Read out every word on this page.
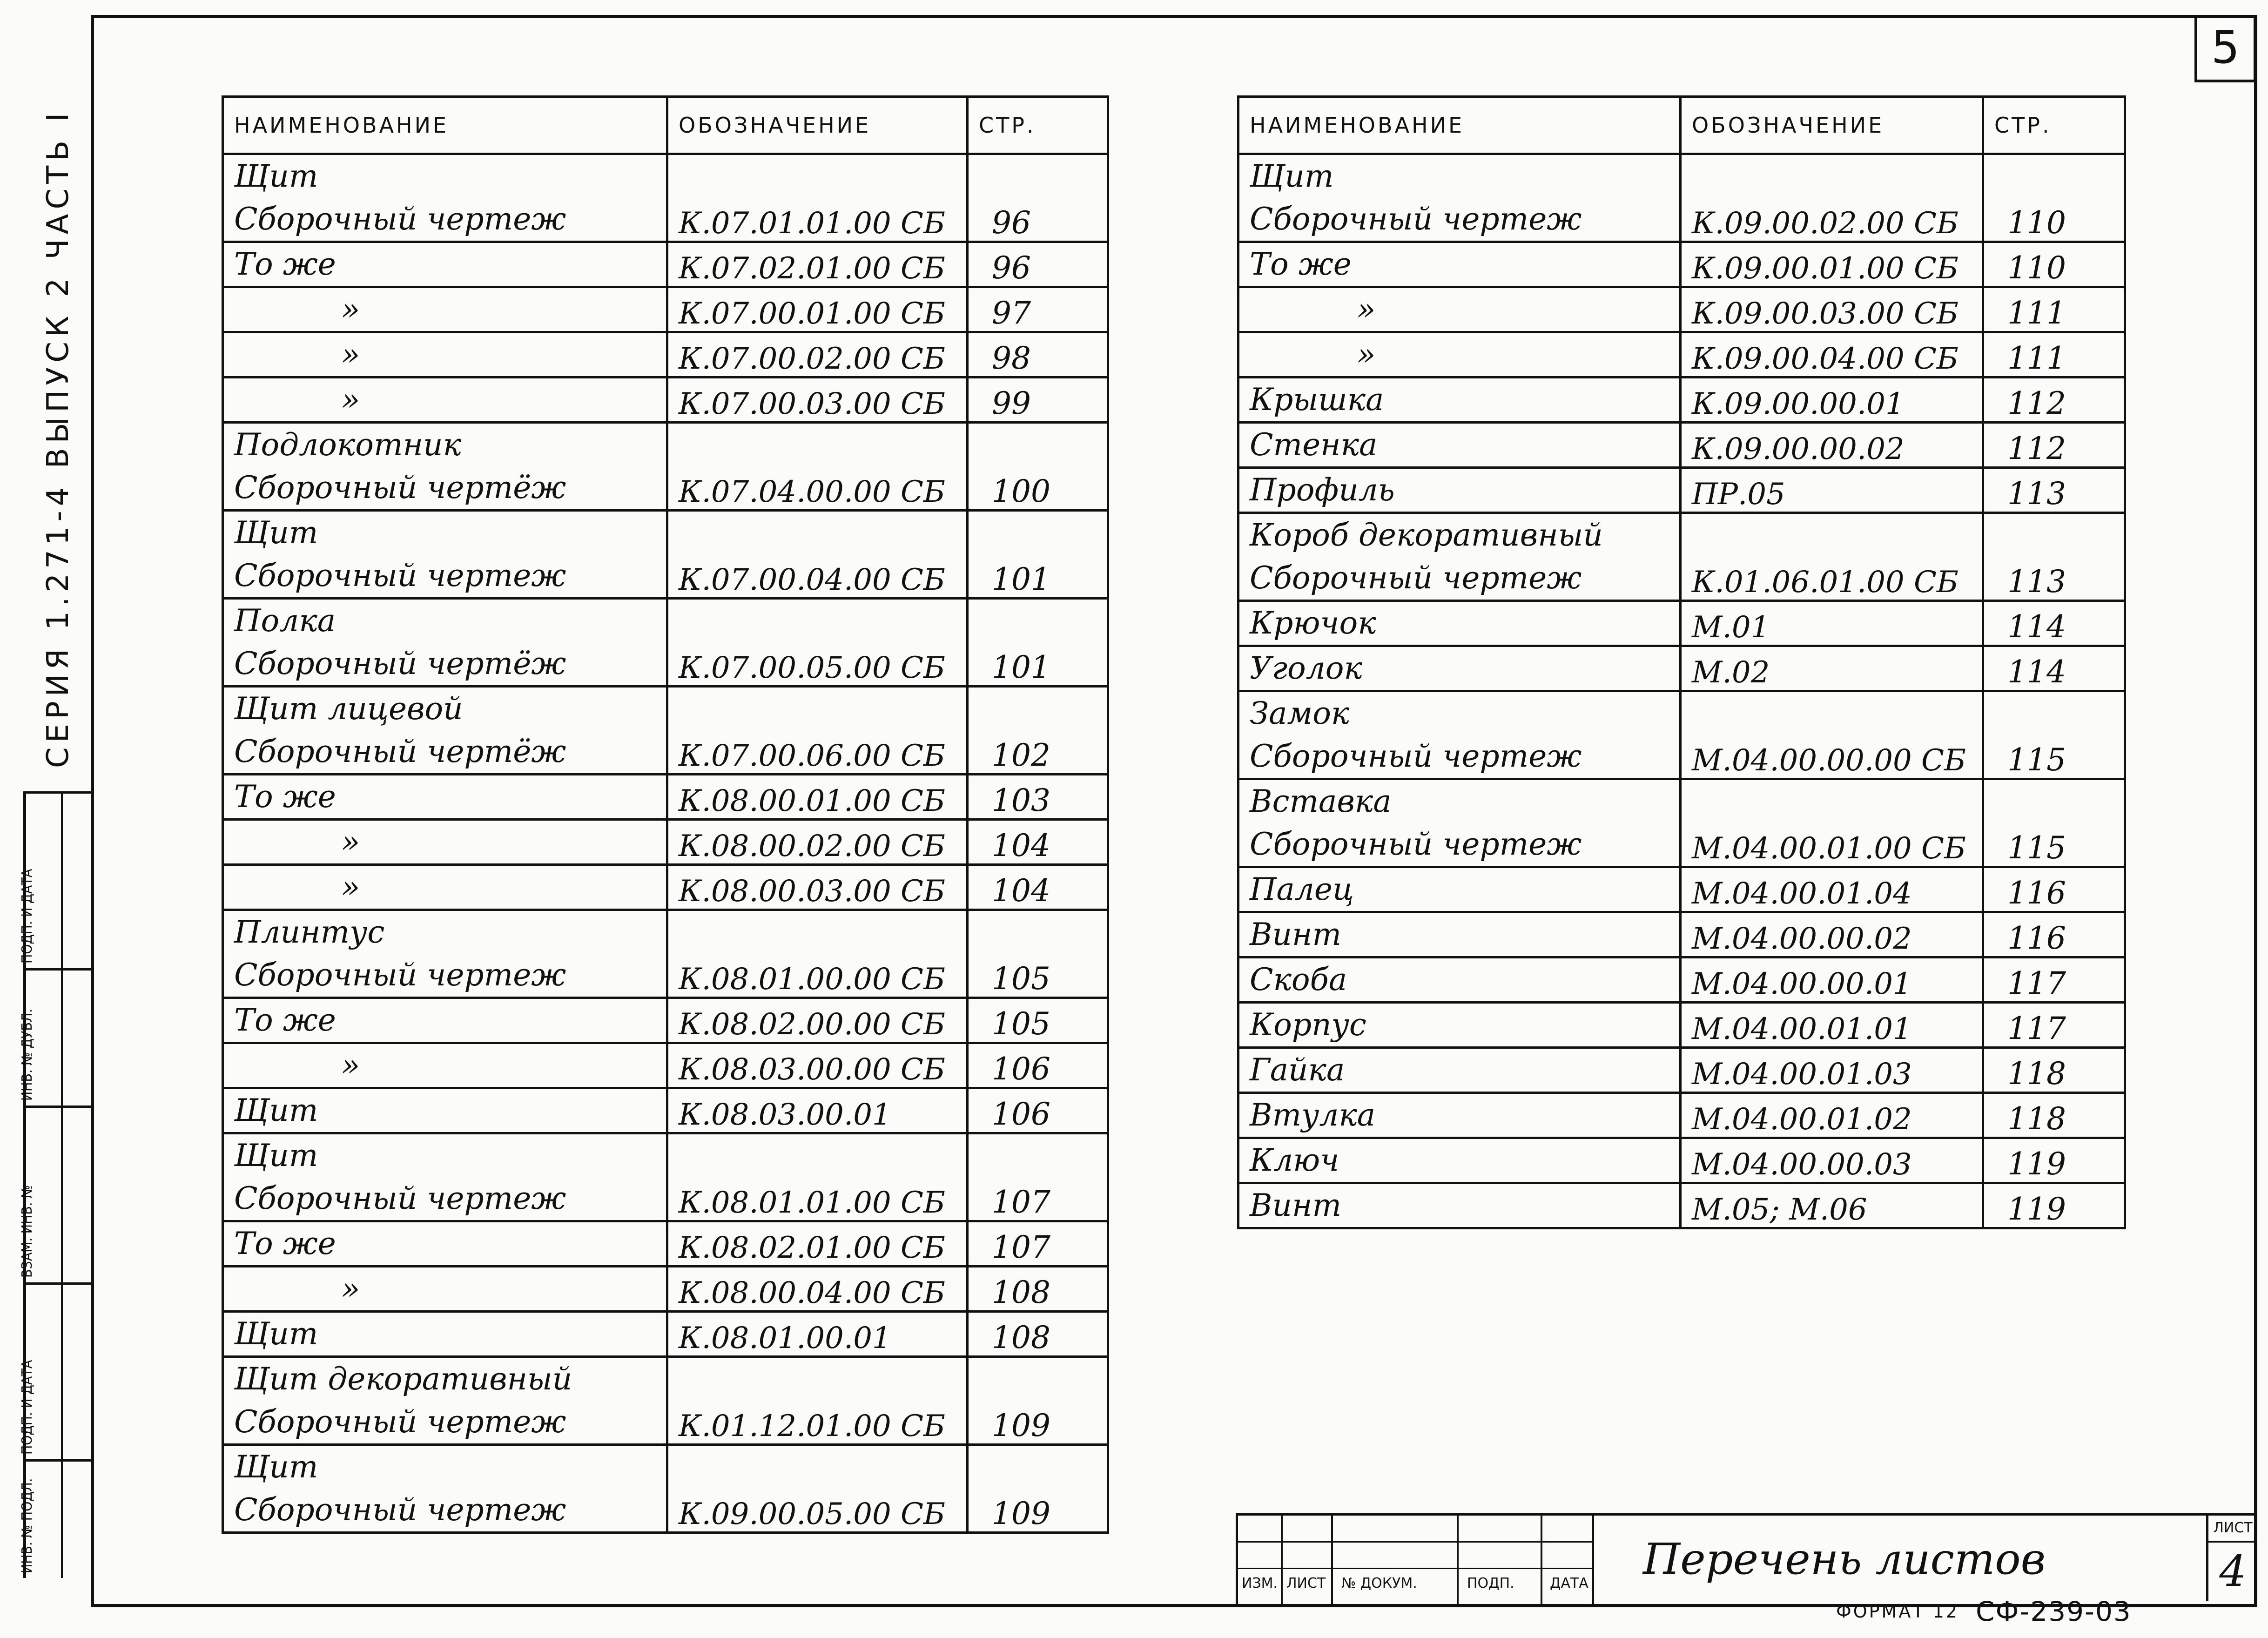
5
СЕРИЯ 1.271-4 ВЫПУСК 2 ЧАСТЬ I
ИНВ. № ПОДЛ.
ПОДП. И ДАТА
ВЗАМ. ИНВ. №
ИНВ. № ДУБЛ.
ПОДП. И ДАТА
НАИМЕНОВАНИЕ	ОБОЗНАЧЕНИЕ	СТР.

Щит
Сборочный чертеж	К.07.01.01.00 СБ	96

То же	К.07.02.01.00 СБ	96

»	К.07.00.01.00 СБ	97

»	К.07.00.02.00 СБ	98

»	К.07.00.03.00 СБ	99

Подлокотник
Сборочный чертёж	К.07.04.00.00 СБ	100

Щит
Сборочный чертеж	К.07.00.04.00 СБ	101

Полка
Сборочный чертёж	К.07.00.05.00 СБ	101

Щит лицевой
Сборочный чертёж	К.07.00.06.00 СБ	102

То же	К.08.00.01.00 СБ	103

»	К.08.00.02.00 СБ	104

»	К.08.00.03.00 СБ	104

Плинтус
Сборочный чертеж	К.08.01.00.00 СБ	105

То же	К.08.02.00.00 СБ	105

»	К.08.03.00.00 СБ	106

Щит	К.08.03.00.01	106

Щит
Сборочный чертеж	К.08.01.01.00 СБ	107

То же	К.08.02.01.00 СБ	107

»	К.08.00.04.00 СБ	108

Щит	К.08.01.00.01	108

Щит декоративный
Сборочный чертеж	К.01.12.01.00 СБ	109

Щит
Сборочный чертеж	К.09.00.05.00 СБ	109
НАИМЕНОВАНИЕ	ОБОЗНАЧЕНИЕ	СТР.

Щит
Сборочный чертеж	К.09.00.02.00 СБ	110

То же	К.09.00.01.00 СБ	110

»	К.09.00.03.00 СБ	111

»	К.09.00.04.00 СБ	111

Крышка	К.09.00.00.01	112

Стенка	К.09.00.00.02	112

Профиль	ПР.05	113

Короб декоративный
Сборочный чертеж	К.01.06.01.00 СБ	113

Крючок	М.01	114

Уголок	М.02	114

Замок
Сборочный чертеж	М.04.00.00.00 СБ	115

Вставка
Сборочный чертеж	М.04.00.01.00 СБ	115

Палец	М.04.00.01.04	116

Винт	М.04.00.00.02	116

Скоба	М.04.00.00.01	117

Корпус	М.04.00.01.01	117

Гайка	М.04.00.01.03	118

Втулка	М.04.00.01.02	118

Ключ	М.04.00.00.03	119

Винт	М.05; М.06	119
ИЗМ. ЛИСТ № ДОКУМ.	ПОДП.	ДАТА Перечень листов
ЛИСТ
4
ФОРМАТ 12 СФ-239-03
